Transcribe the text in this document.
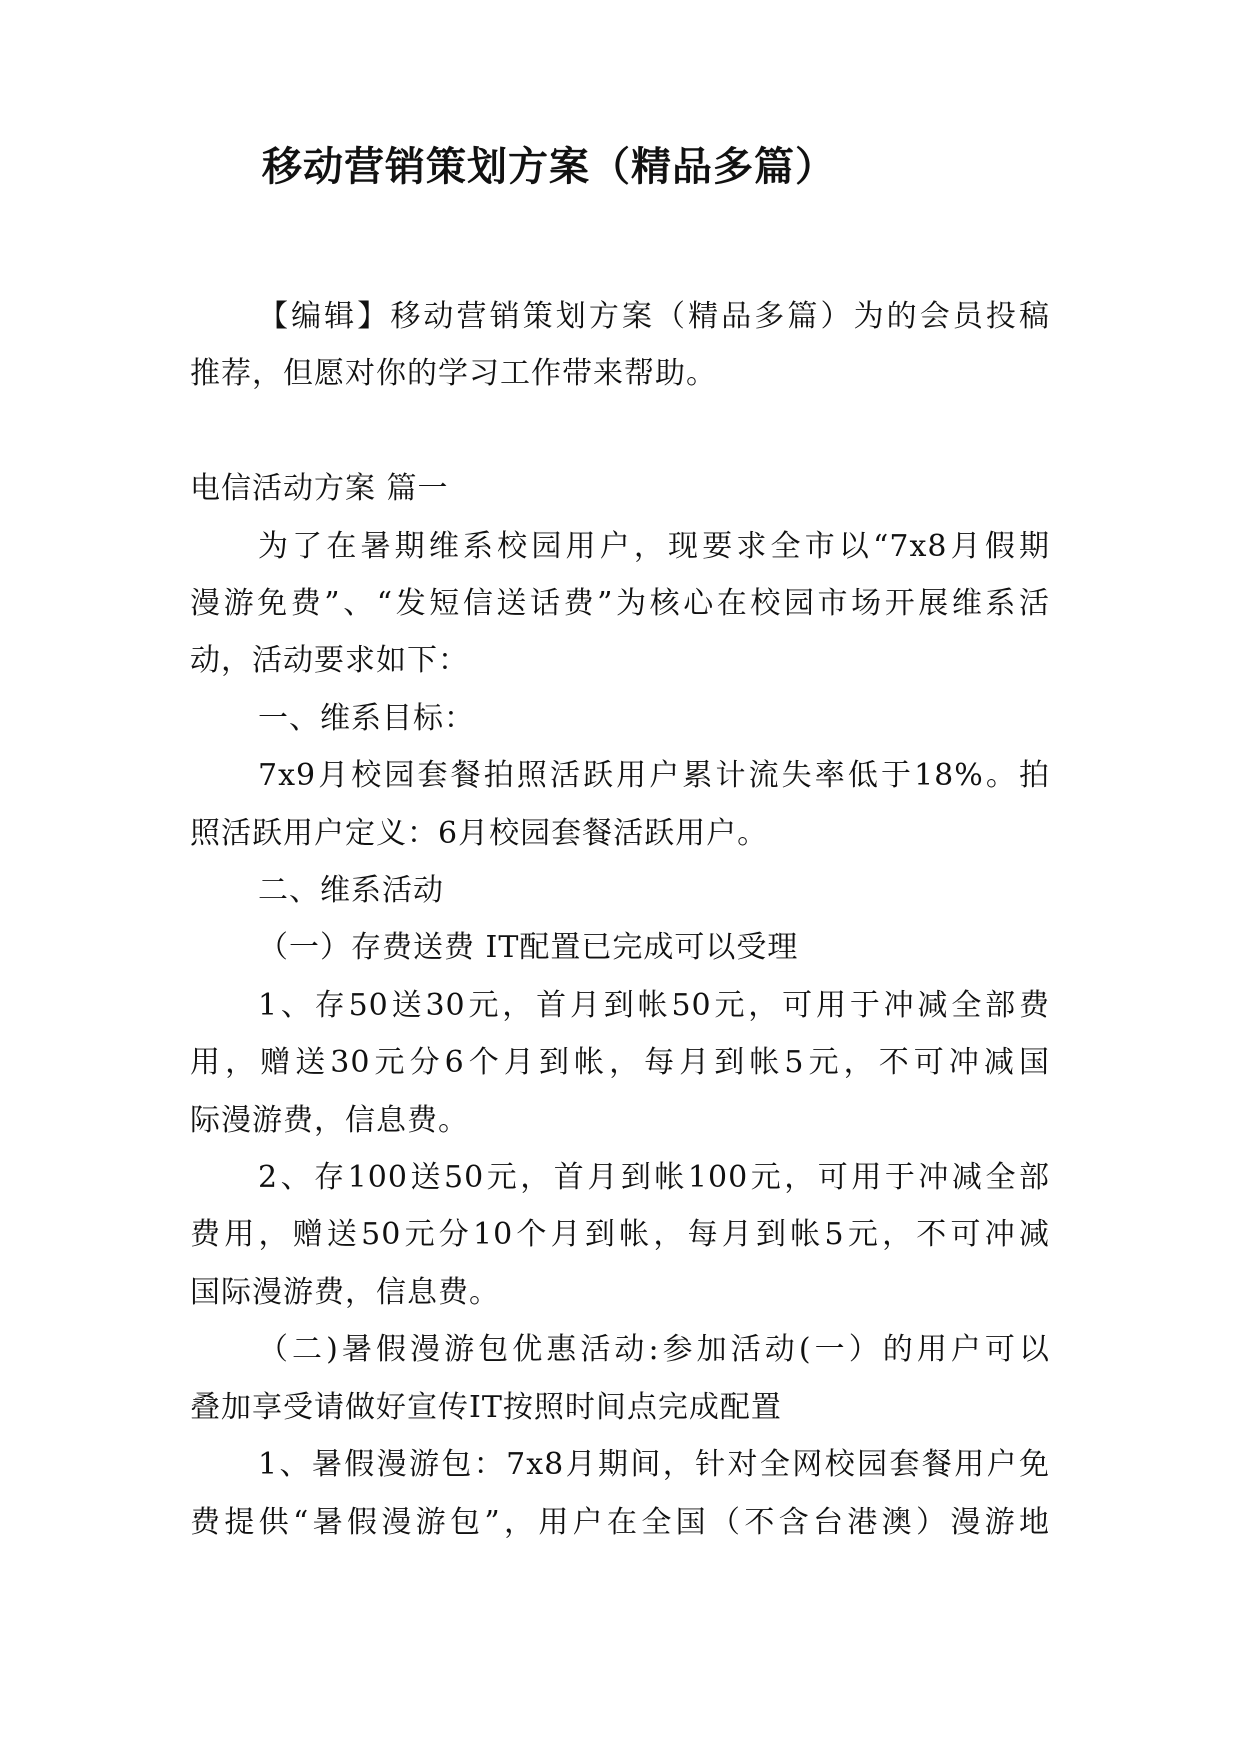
移动营销策划方案（精品多篇）
【编辑】移动营销策划方案（精品多篇）为的会员投稿
推荐，但愿对你的学习工作带来帮助。
电信活动方案 篇一
为了在暑期维系校园用户，现要求全市以“7x8月假期
漫游免费”、“发短信送话费”为核心在校园市场开展维系活
动，活动要求如下：
一、维系目标：
7x9月校园套餐拍照活跃用户累计流失率低于18%。拍
照活跃用户定义：6月校园套餐活跃用户。
二、维系活动
（一）存费送费 IT配置已完成可以受理
1、存50送30元，首月到帐50元，可用于冲减全部费
用，赠送30元分6个月到帐，每月到帐5元，不可冲减国
际漫游费，信息费。
2、存100送50元，首月到帐100元，可用于冲减全部
费用，赠送50元分10个月到帐，每月到帐5元，不可冲减
国际漫游费，信息费。
（二)暑假漫游包优惠活动:参加活动(一）的用户可以
叠加享受请做好宣传IT按照时间点完成配置
1、暑假漫游包：7x8月期间，针对全网校园套餐用户免
费提供“暑假漫游包”，用户在全国（不含台港澳）漫游地
